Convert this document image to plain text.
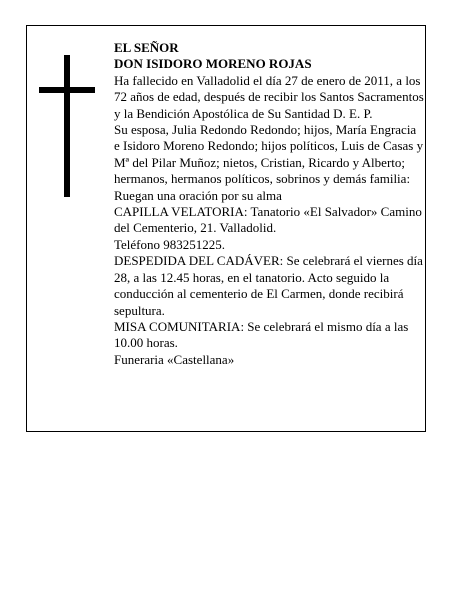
EL SEÑOR

DON ISIDORO MORENO ROJAS

Ha fallecido en Valladolid el día 27 de enero de 2011, a los 72 años de edad, después de recibir los Santos Sacramentos y la Bendición Apostólica de Su Santidad D. E. P.

Su esposa, Julia Redondo Redondo; hijos, María Engracia e Isidoro Moreno Redondo; hijos políticos, Luis de Casas y Mª del Pilar Muñoz; nietos, Cristian, Ricardo y Alberto; hermanos, hermanos políticos, sobrinos y demás familia:

Ruegan una oración por su alma

CAPILLA VELATORIA: Tanatorio «El Salvador» Camino del Cementerio, 21. Valladolid.

Teléfono 983251225.

DESPEDIDA DEL CADÁVER: Se celebrará el viernes día 28, a las 12.45 horas, en el tanatorio. Acto seguido la conducción al cementerio de El Carmen, donde recibirá sepultura.

MISA COMUNITARIA: Se celebrará el mismo día a las 10.00 horas.

Funeraria «Castellana»
